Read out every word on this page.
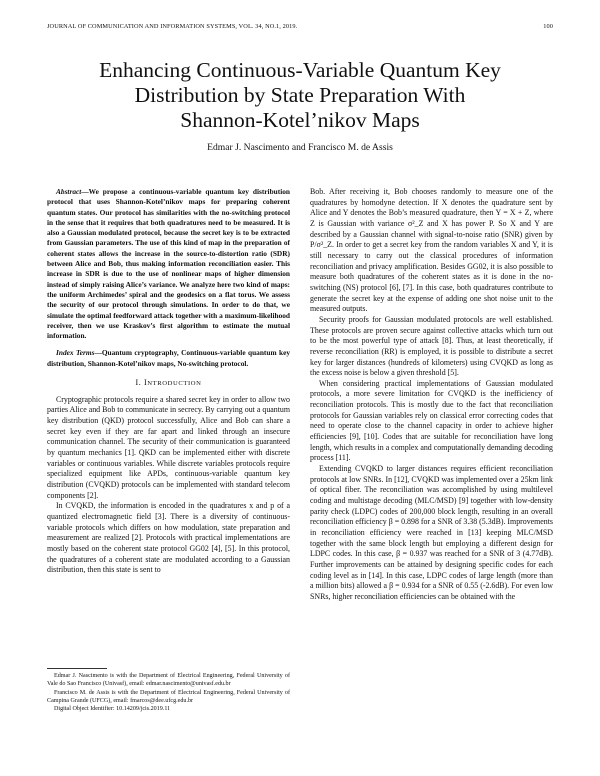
JOURNAL OF COMMUNICATION AND INFORMATION SYSTEMS, VOL. 34, NO.1, 2019.	100
Enhancing Continuous-Variable Quantum Key
Distribution by State Preparation With
Shannon-Kotel’nikov Maps
Edmar J. Nascimento and Francisco M. de Assis

Abstract—We propose a continuous-variable quantum key distribution protocol that uses Shannon-Kotel’nikov maps for preparing coherent quantum states. Our protocol has similarities with the no-switching protocol in the sense that it requires that both quadratures need to be measured. It is also a Gaussian modulated protocol, because the secret key is to be extracted from Gaussian parameters. The use of this kind of map in the preparation of coherent states allows the increase in the source-to-distortion ratio (SDR) between Alice and Bob, thus making information reconciliation easier. This increase in SDR is due to the use of nonlinear maps of higher dimension instead of simply raising Alice’s variance. We analyze here two kind of maps: the uniform Archimedes’ spiral and the geodesics on a flat torus. We assess the security of our protocol through simulations. In order to do that, we simulate the optimal feedforward attack together with a maximum-likelihood receiver, then we use Kraskov’s first algorithm to estimate the mutual information.

Index Terms—Quantum cryptography, Continuous-variable quantum key distribution, Shannon-Kotel’nikov maps, No-switching protocol.

I. INTRODUCTION

Cryptographic protocols require a shared secret key in order to allow two parties Alice and Bob to communicate in secrecy. By carrying out a quantum key distribution (QKD) protocol successfully, Alice and Bob can share a secret key even if they are far apart and linked through an insecure communication channel. The security of their communication is guaranteed by quantum mechanics [1]. QKD can be implemented either with discrete variables or continuous variables. While discrete variables protocols require specialized equipment like APDs, continuous-variable quantum key distribution (CVQKD) protocols can be implemented with standard telecom components [2].

In CVQKD, the information is encoded in the quadratures x and p of a quantized electromagnetic field [3]. There is a diversity of continuous-variable protocols which differs on how modulation, state preparation and measurement are realized [2]. Protocols with practical implementations are mostly based on the coherent state protocol GG02 [4], [5]. In this protocol, the quadratures of a coherent state are modulated according to a Gaussian distribution, then this state is sent to

Edmar J. Nascimento is with the Department of Electrical Engineering, Federal University of Vale do Sao Francisco (Univasf), email: edmar.nascimento@univasf.edu.br

Francisco M. de Assis is with the Department of Electrical Engineering, Federal University of Campina Grande (UFCG), email: fmarcos@dee.ufcg.edu.br

Digital Object Identifier: 10.14209/jcis.2019.11

Bob. After receiving it, Bob chooses randomly to measure one of the quadratures by homodyne detection. If X denotes the quadrature sent by Alice and Y denotes the Bob’s measured quadrature, then Y = X + Z, where Z is Gaussian with variance σ²_Z and X has power P. So X and Y are described by a Gaussian channel with signal-to-noise ratio (SNR) given by P/σ²_Z. In order to get a secret key from the random variables X and Y, it is still necessary to carry out the classical procedures of information reconciliation and privacy amplification. Besides GG02, it is also possible to measure both quadratures of the coherent states as it is done in the no-switching (NS) protocol [6], [7]. In this case, both quadratures contribute to generate the secret key at the expense of adding one shot noise unit to the measured outputs.

Security proofs for Gaussian modulated protocols are well established. These protocols are proven secure against collective attacks which turn out to be the most powerful type of attack [8]. Thus, at least theoretically, if reverse reconciliation (RR) is employed, it is possible to distribute a secret key for larger distances (hundreds of kilometers) using CVQKD as long as the excess noise is below a given threshold [5].

When considering practical implementations of Gaussian modulated protocols, a more severe limitation for CVQKD is the inefficiency of reconciliation protocols. This is mostly due to the fact that reconciliation protocols for Gaussian variables rely on classical error correcting codes that need to operate close to the channel capacity in order to achieve higher efficiencies [9], [10]. Codes that are suitable for reconciliation have long length, which results in a complex and computationally demanding decoding process [11].

Extending CVQKD to larger distances requires efficient reconciliation protocols at low SNRs. In [12], CVQKD was implemented over a 25km link of optical fiber. The reconciliation was accomplished by using multilevel coding and multistage decoding (MLC/MSD) [9] together with low-density parity check (LDPC) codes of 200,000 block length, resulting in an overall reconciliation efficiency β = 0.898 for a SNR of 3.38 (5.3dB). Improvements in reconciliation efficiency were reached in [13] keeping MLC/MSD together with the same block length but employing a different design for LDPC codes. In this case, β = 0.937 was reached for a SNR of 3 (4.77dB). Further improvements can be attained by designing specific codes for each coding level as in [14]. In this case, LDPC codes of large length (more than a million bits) allowed a β = 0.934 for a SNR of 0.55 (-2.6dB). For even low SNRs, higher reconciliation efficiencies can be obtained with the
